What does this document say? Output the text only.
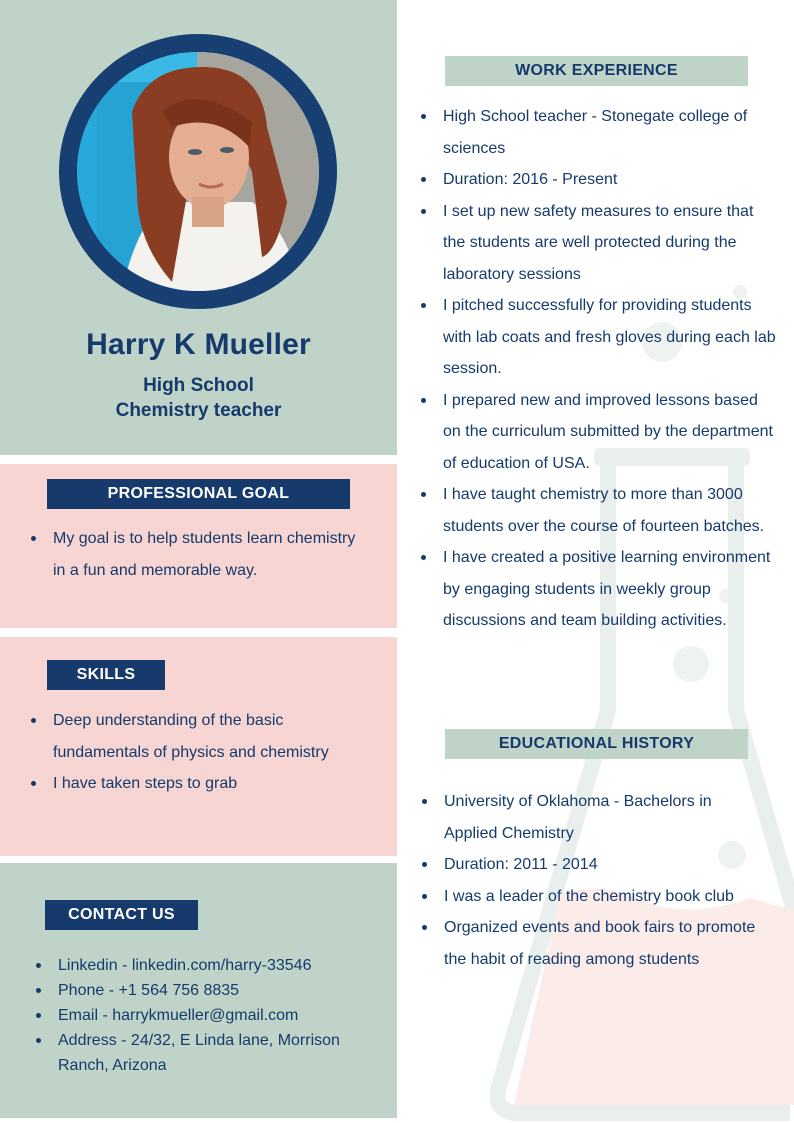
Harry K Mueller
High School
Chemistry teacher
PROFESSIONAL GOAL
My goal is to help students learn chemistry in a fun and memorable way.
SKILLS
Deep understanding of the basic fundamentals of physics and chemistry
I have taken steps to grab
CONTACT US
Linkedin - linkedin.com/harry-33546
Phone - +1 564 756 8835
Email - harrykmueller@gmail.com
Address - 24/32, E Linda lane, Morrison Ranch, Arizona
WORK EXPERIENCE
High School teacher - Stonegate college of sciences
Duration: 2016 - Present
I set up new safety measures to ensure that the students are well protected during the laboratory sessions
I pitched successfully for providing students with lab coats and fresh gloves during each lab session.
I prepared new and improved lessons based on the curriculum submitted by the department of education of USA.
I have taught chemistry to more than 3000 students over the course of fourteen batches.
I have created a positive learning environment by engaging students in weekly group discussions and team building activities.
EDUCATIONAL HISTORY
University of Oklahoma - Bachelors in Applied Chemistry
Duration: 2011 - 2014
I was a leader of the chemistry book club
Organized events and book fairs to promote the habit of reading among students
